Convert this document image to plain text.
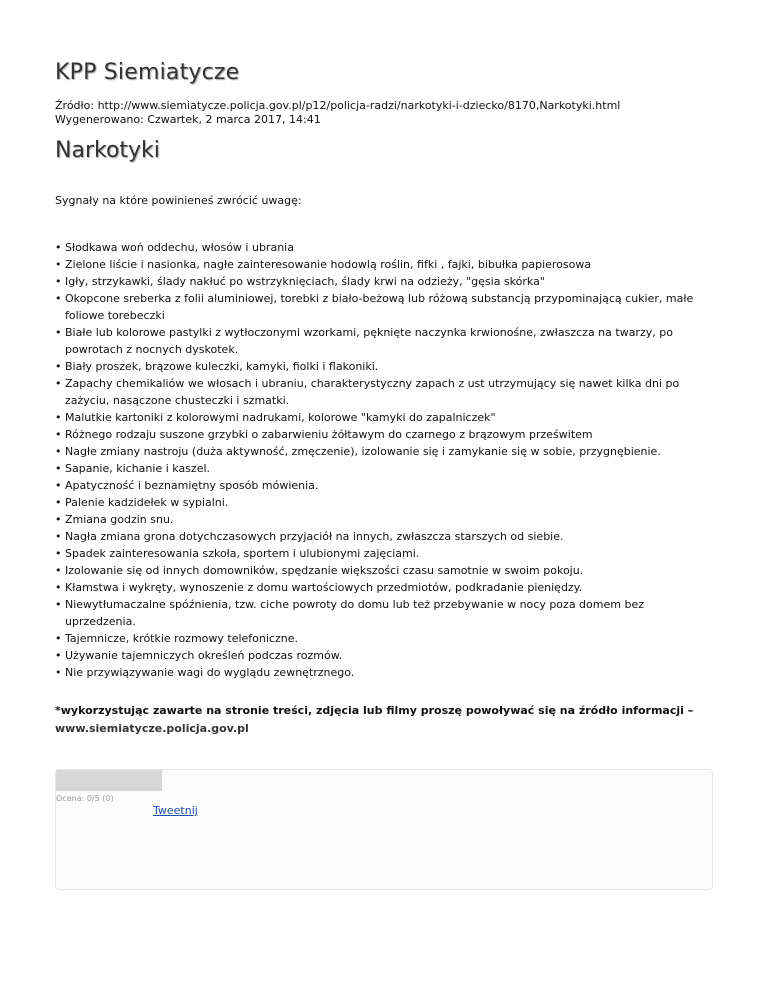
KPP Siemiatycze
Źródło: http://www.siemiatycze.policja.gov.pl/p12/policja-radzi/narkotyki-i-dziecko/8170,Narkotyki.html
Wygenerowano: Czwartek, 2 marca 2017, 14:41
Narkotyki

Sygnały na które powinieneś zwrócić uwagę:

• Słodkawa woń oddechu, włosów i ubrania
• Zielone liście i nasionka, nagłe zainteresowanie hodowlą roślin, fifki , fajki, bibułka papierosowa
• Igły, strzykawki, ślady nakłuć po wstrzyknięciach, ślady krwi na odzieży, "gęsia skórka"
• Okopcone sreberka z folii aluminiowej, torebki z biało-beżową lub różową substancją przypominającą cukier, małe foliowe torebeczki
• Białe lub kolorowe pastylki z wytłoczonymi wzorkami, pęknięte naczynka krwionośne, zwłaszcza na twarzy, po powrotach z nocnych dyskotek.
• Biały proszek, brązowe kuleczki, kamyki, fiolki i flakoniki.
• Zapachy chemikaliów we włosach i ubraniu, charakterystyczny zapach z ust utrzymujący się nawet kilka dni po zażyciu, nasączone chusteczki i szmatki.
• Malutkie kartoniki z kolorowymi nadrukami, kolorowe "kamyki do zapalniczek"
• Różnego rodzaju suszone grzybki o zabarwieniu żółtawym do czarnego z brązowym prześwitem
• Nagłe zmiany nastroju (duża aktywność, zmęczenie), izolowanie się i zamykanie się w sobie, przygnębienie.
• Sapanie, kichanie i kaszel.
• Apatyczność i beznamiętny sposób mówienia.
• Palenie kadzidełek w sypialni.
• Zmiana godzin snu.
• Nagła zmiana grona dotychczasowych przyjaciół na innych, zwłaszcza starszych od siebie.
• Spadek zainteresowania szkoła, sportem i ulubionymi zajęciami.
• Izolowanie się od innych domowników, spędzanie większości czasu samotnie w swoim pokoju.
• Kłamstwa i wykręty, wynoszenie z domu wartościowych przedmiotów, podkradanie pieniędzy.
• Niewytłumaczalne spóźnienia, tzw. ciche powroty do domu lub też przebywanie w nocy poza domem bez uprzedzenia.
• Tajemnicze, krótkie rozmowy telefoniczne.
• Używanie tajemniczych określeń podczas rozmów.
• Nie przywiązywanie wagi do wyglądu zewnętrznego.
*wykorzystując zawarte na stronie treści, zdjęcia lub filmy proszę powoływać się na źródło informacji –
www.siemiatycze.policja.gov.pl
Ocena: 0/5 (0)
Tweetnij
